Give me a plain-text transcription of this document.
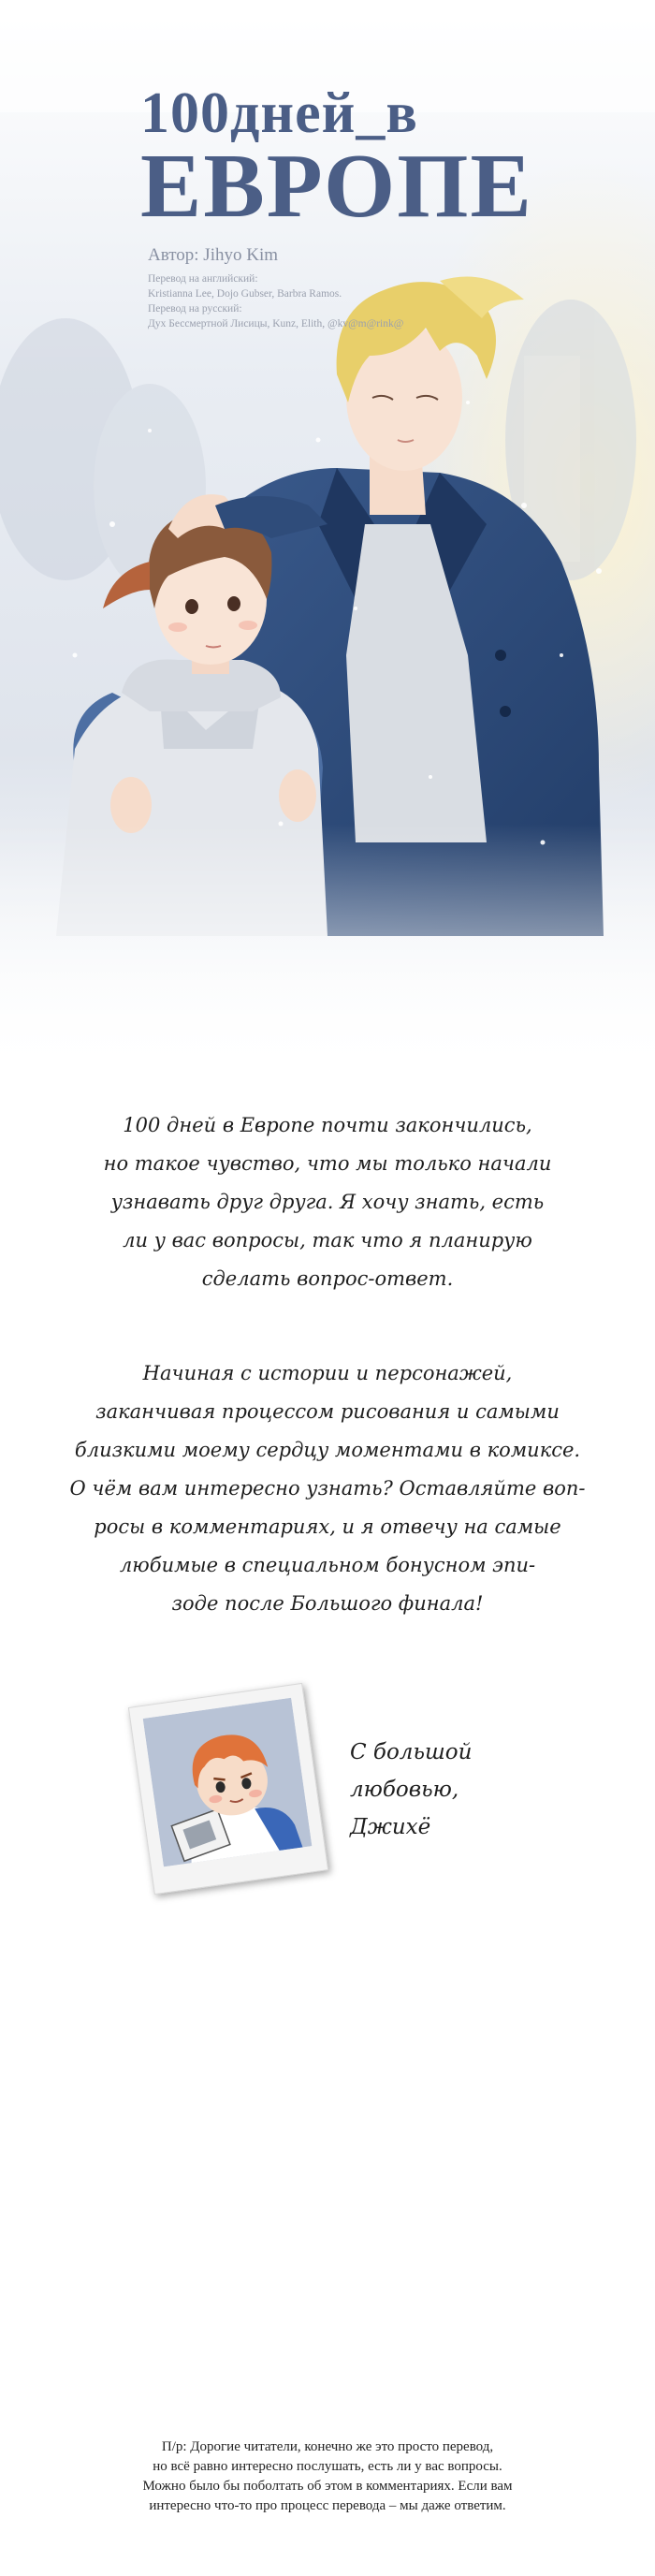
100дней_в
ЕВРОПЕ
Автор: Jihyo Kim
Перевод на английский:
Kristianna Lee, Dojo Gubser, Barbra Ramos.
Перевод на русский:
Дух Бессмертной Лисицы, Kunz, Elith, @kv@m@rink@
100 дней в Европе почти закончились,
но такое чувство, что мы только начали
узнавать друг друга. Я хочу знать, есть
ли у вас вопросы, так что я планирую
сделать вопрос-ответ.
Начиная с истории и персонажей,
заканчивая процессом рисования и самыми
близкими моему сердцу моментами в комиксе.
О чём вам интересно узнать? Оставляйте воп-
росы в комментариях, и я отвечу на самые
любимые в специальном бонусном эпи-
зоде после Большого финала!
С большой
любовью,
Джихё
П/р: Дорогие читатели, конечно же это просто перевод,
но всё равно интересно послушать, есть ли у вас вопросы.
Можно было бы поболтать об этом в комментариях. Если вам
интересно что-то про процесс перевода – мы даже ответим.
